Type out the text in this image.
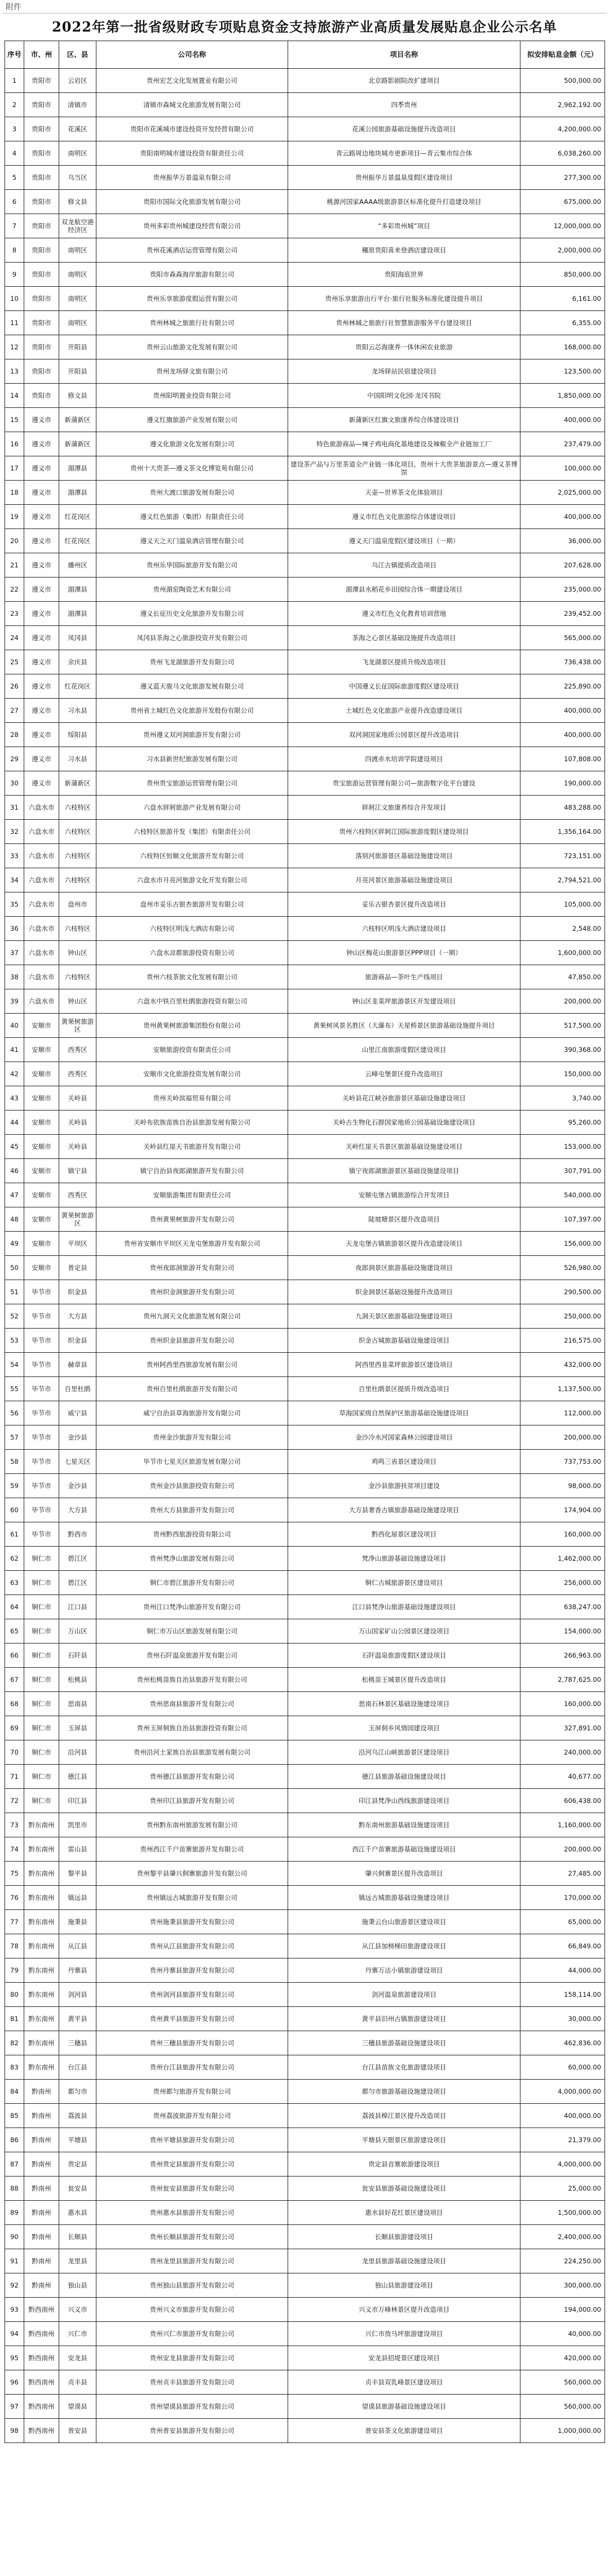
附件
2022年第一批省级财政专项贴息资金支持旅游产业高质量发展贴息企业公示名单
序号	市、州	区、县	公司名称	项目名称	拟安排贴息金额（元）
1	贵阳市	云岩区	贵州宏艺文化发展置业有限公司	北京路影剧院改扩建项目	500,000.00
2	贵阳市	清镇市	清镇市森城文化旅游发展有限公司	四季贵州	2,962,192.00
3	贵阳市	花溪区	贵阳市花溪城市建设投资开发经营有限公司	花溪公园旅游基础设施提升改造项目	4,200,000.00
4	贵阳市	南明区	贵阳南明城市建设投资有限责任公司	青云路周边地块城市更新项目—青云集市综合体	6,038,260.00
5	贵阳市	乌当区	贵州振华万景温泉有限公司	贵州振华万景温泉度假区建设项目	277,300.00
6	贵阳市	修文县	贵阳市国际文化旅游发展有限公司	桃源河国家AAAA级旅游景区标准化提升打造建设项目	675,000.00
7	贵阳市	双龙航空港经济区	贵州多彩贵州城建设经营有限公司	“多彩贵州城”项目	12,000,000.00
8	贵阳市	南明区	贵州花溪酒店运营管理有限公司	穰原贵阳喜来登酒店建设项目	2,000,000.00
9	贵阳市	南明区	贵阳市森森海岸旅游有限公司	贵阳海底世界	850,000.00
10	贵阳市	南明区	贵州乐享旅游度假运营有限公司	贵州乐享旅游出行平台·旅行社服务标准化建设提升项目	6,161.00
11	贵阳市	南明区	贵州林城之旅旅行社有限公司	贵州林城之旅旅行社智慧旅游服务平台建设项目	6,355.00
12	贵阳市	开阳县	贵州云山旅游文化发展有限公司	贵阳云芯海康养一体休闲农业旅游	168,000.00
13	贵阳市	开阳县	贵州龙场驿文旅有限公司	龙场驿站民宿建设项目	123,500.00
14	贵阳市	修文县	贵州阳明置业投资有限公司	中国阳明文化园·龙冈书院	1,850,000.00
15	遵义市	新蒲新区	遵义红旗旅游产业发展有限公司	新蒲新区红旗文旅康养综合体建设项目	400,000.00
16	遵义市	新蒲新区	遵义化旅游文化发展有限公司	特色旅游商品—辣子鸡电商化基地建设及辣椒全产业链加工厂	237,479.00
17	遵义市	湄潭县	贵州十大贵茶—遵义茶文化博览苑有限公司	建设茶产品与万里茶道全产业链一体化项目，贵州十大贵茶旅游景点—遵义茶博馆	100,000.00
18	遵义市	湄潭县	贵州大渡口旅游发展有限公司	天壶—世界茶文化体验项目	2,025,000.00
19	遵义市	红花岗区	遵义红色旅游（集团）有限责任公司	遵义市红色文化旅游综合体建设项目	400,000.00
20	遵义市	红花岗区	遵义天之天门温泉酒店管理有限公司	遵义天门温泉度假区建设项目（一期）	36,000.00
21	遵义市	播州区	贵州乐华国际旅游开发有限公司	乌江古镇提质改造项目	207,628.00
22	遵义市	湄潭县	贵州湄窑陶瓷艺术有限公司	湄潭县水稻花乡田园综合体一期建设项目	235,000.00
23	遵义市	湄潭县	遵义长征历史文化旅游开发有限公司	遵义市红色文化教育培训营地	239,452.00
24	遵义市	凤冈县	凤冈县茶海之心旅游投资开发有限公司	茶海之心景区基础设施提升改造项目	565,000.00
25	遵义市	余庆县	贵州飞龙湖旅游开发有限公司	飞龙湖景区提质升级改造项目	736,438.00
26	遵义市	红花岗区	遵义蓝天骏马文化旅游发展有限公司	中国遵义长征国际旅游度假区建设项目	225,890.00
27	遵义市	习水县	贵州省土城红色文化旅游开发股份有限公司	土城红色文化旅游产业提升改造建设项目	400,000.00
28	遵义市	绥阳县	贵州遵义双河洞旅游开发有限公司	双河洞国家地质公园景区提升改造项目	400,000.00
29	遵义市	习水县	习水县新世纪旅游发展有限公司	四渡赤水培训学院建设项目	107,808.00
30	遵义市	新蒲新区	贵州贵宝旅游运营管理有限公司	贵宝旅游运营管理有限公司—旅游数字化平台建设	190,000.00
31	六盘水市	六枝特区	六盘水牂牁旅游产业发展有限公司	牂牁江文旅康养综合开发项目	483,288.00
32	六盘水市	六枝特区	六枝特区旅游开发（集团）有限责任公司	贵州六枝特区牂牁江国际旅游度假区建设项目	1,356,164.00
33	六盘水市	六枝特区	六枝特区恒顺文化旅游开发有限公司	落别河旅游景区基础设施建设项目	723,151.00
34	六盘水市	六枝特区	六盘水市月亮河旅游文化开发有限公司	月亮河景区旅游基础设施建设项目	2,794,521.00
35	六盘水市	盘州市	盘州市妥乐古银杏旅游开发有限公司	妥乐古银杏景区提升改造项目	105,000.00
36	六盘水市	六枝特区	六枝特区明浅大酒店有限公司	六枝特区明浅大酒店建设项目	2,548.00
37	六盘水市	钟山区	六盘水凉都旅游投资有限公司	钟山区梅花山旅游景区PPP项目（一期）	1,600,000.00
38	六盘水市	六枝特区	贵州六枝茶旅文化发展有限公司	旅游商品—茶叶生产线项目	47,850.00
39	六盘水市	钟山区	六盘水中铁百里杜鹃旅游投资有限公司	钟山区韭菜坪旅游景区开发建设项目	200,000.00
40	安顺市	黄果树旅游区	贵州黄果树旅游集团股份有限公司	黄果树风景名胜区（大瀑布）天星桥景区旅游基础设施提升项目	517,500.00
41	安顺市	西秀区	安顺旅游投资有限责任公司	山里江南旅游度假区建设项目	390,368.00
42	安顺市	西秀区	安顺市文化旅游投资发展有限公司	云峰屯堡景区提升改造项目	150,000.00
43	安顺市	关岭县	贵州关岭滨福贸易有限公司	关岭县花江峡谷旅游景区基础设施建设项目	3,740.00
44	安顺市	关岭县	关岭布依族苗族自治县旅游发展有限公司	关岭古生物化石群国家地质公园基础设施建设项目	95,260.00
45	安顺市	关岭县	关岭县红崖天书旅游开发有限公司	关岭红崖天书景区旅游基础设施建设项目	153,000.00
46	安顺市	镇宁县	镇宁自治县夜郎湖旅游开发有限公司	镇宁夜郎湖旅游景区基础设施建设项目	307,791.00
47	安顺市	西秀区	安顺旅游集团有限责任公司	安顺屯堡古镇旅游综合开发项目	540,000.00
48	安顺市	黄果树旅游区	贵州黄果树旅游开发有限公司	陡坡塘景区提升改造项目	107,397.00
49	安顺市	平坝区	贵州省安顺市平坝区天龙屯堡旅游开发有限公司	天龙屯堡古镇旅游景区提升改造建设项目	156,000.00
50	安顺市	普定县	贵州夜郎洞旅游开发有限公司	夜郎洞景区旅游基础设施建设项目	526,980.00
51	毕节市	织金县	贵州织金洞旅游开发有限公司	织金洞景区基础设施提升改造项目	290,500.00
52	毕节市	大方县	贵州九洞天文化旅游发展有限公司	九洞天景区旅游基础设施建设项目	250,000.00
53	毕节市	织金县	贵州织金县旅游开发有限公司	织金古城旅游基础设施建设项目	216,575.00
54	毕节市	赫章县	贵州阿西里西旅游发展有限公司	阿西里西韭菜坪旅游景区建设项目	432,000.00
55	毕节市	百里杜鹃	贵州百里杜鹃旅游开发有限公司	百里杜鹃景区提质升级改造项目	1,137,500.00
56	毕节市	威宁县	威宁自治县草海旅游开发有限公司	草海国家级自然保护区旅游基础设施建设项目	112,000.00
57	毕节市	金沙县	贵州金沙旅游开发有限公司	金沙冷水河国家森林公园建设项目	200,000.00
58	毕节市	七星关区	毕节市七星关区旅游发展有限公司	鸡鸣三省景区建设项目	737,753.00
59	毕节市	金沙县	贵州金沙县旅游投资有限公司	金沙县旅游扶贫项目建设	98,000.00
60	毕节市	大方县	贵州大方县旅游开发有限公司	大方县奢香古镇旅游基础设施建设项目	174,904.00
61	毕节市	黔西市	贵州黔西旅游投资有限公司	黔西化屋景区建设项目	160,000.00
62	铜仁市	碧江区	贵州梵净山旅游发展有限公司	梵净山旅游基础设施建设项目	1,462,000.00
63	铜仁市	碧江区	铜仁市碧江旅游开发有限公司	铜仁古城旅游景区建设项目	256,000.00
64	铜仁市	江口县	贵州江口梵净山旅游开发有限公司	江口县梵净山旅游基础设施建设项目	638,247.00
65	铜仁市	万山区	铜仁市万山区旅游发展有限公司	万山国家矿山公园景区建设项目	154,000.00
66	铜仁市	石阡县	贵州石阡温泉旅游开发有限公司	石阡温泉旅游度假区建设项目	266,963.00
67	铜仁市	松桃县	贵州松桃苗族自治县旅游开发有限公司	松桃苗王城景区提升改造项目	2,787,625.00
68	铜仁市	思南县	贵州思南县旅游开发有限公司	思南石林景区基础设施建设项目	160,000.00
69	铜仁市	玉屏县	贵州玉屏侗族自治县旅游投资有限公司	玉屏侗乡风情园建设项目	327,891.00
70	铜仁市	沿河县	贵州沿河土家族自治县旅游发展有限公司	沿河乌江山峡旅游景区建设项目	240,000.00
71	铜仁市	德江县	贵州德江县旅游开发有限公司	德江县旅游基础设施建设项目	40,677.00
72	铜仁市	印江县	贵州印江县旅游开发有限公司	印江县梵净山西线旅游建设项目	606,438.00
73	黔东南州	凯里市	贵州黔东南州旅游发展有限公司	黔东南州旅游基础设施建设项目	1,160,000.00
74	黔东南州	雷山县	贵州西江千户苗寨旅游开发有限公司	西江千户苗寨旅游基础设施建设项目	200,000.00
75	黔东南州	黎平县	贵州黎平县肇兴侗寨旅游开发有限公司	肇兴侗寨景区提升改造项目	27,485.00
76	黔东南州	镇远县	贵州镇远古城旅游开发有限公司	镇远古城旅游基础设施建设项目	170,000.00
77	黔东南州	施秉县	贵州施秉县旅游开发有限公司	施秉云台山旅游景区建设项目	65,000.00
78	黔东南州	从江县	贵州从江县旅游开发有限公司	从江县加榜梯田旅游建设项目	66,849.00
79	黔东南州	丹寨县	贵州丹寨县旅游开发有限公司	丹寨万达小镇旅游建设项目	44,000.00
80	黔东南州	剑河县	贵州剑河县旅游开发有限公司	剑河温泉旅游建设项目	158,114.00
81	黔东南州	黄平县	贵州黄平县旅游开发有限公司	黄平县旧州古镇旅游建设项目	30,000.00
82	黔东南州	三穗县	贵州三穗县旅游开发有限公司	三穗县旅游基础设施建设项目	462,836.00
83	黔东南州	台江县	贵州台江县旅游开发有限公司	台江县苗族文化旅游建设项目	60,000.00
84	黔南州	都匀市	贵州都匀旅游开发有限公司	都匀市旅游基础设施建设项目	4,000,000.00
85	黔南州	荔波县	贵州荔波旅游开发有限公司	荔波县樟江景区提升改造项目	400,000.00
86	黔南州	平塘县	贵州平塘县旅游开发有限公司	平塘县天眼景区旅游建设项目	21,379.00
87	黔南州	贵定县	贵州贵定县旅游开发有限公司	贵定县音寨旅游建设项目	4,000,000.00
88	黔南州	瓮安县	贵州瓮安县旅游开发有限公司	瓮安县旅游基础设施建设项目	25,000.00
89	黔南州	惠水县	贵州惠水县旅游开发有限公司	惠水县好花红景区建设项目	1,500,000.00
90	黔南州	长顺县	贵州长顺县旅游开发有限公司	长顺县旅游建设项目	2,400,000.00
91	黔南州	龙里县	贵州龙里县旅游开发有限公司	龙里县旅游基础设施建设项目	224,250.00
92	黔南州	独山县	贵州独山县旅游开发有限公司	独山县旅游建设项目	300,000.00
93	黔西南州	兴义市	贵州兴义市旅游开发有限公司	兴义市万峰林景区提升改造项目	194,000.00
94	黔西南州	兴仁市	贵州兴仁市旅游开发有限公司	兴仁市放马坪旅游建设项目	40,000.00
95	黔西南州	安龙县	贵州安龙县旅游开发有限公司	安龙县招堤景区建设项目	420,000.00
96	黔西南州	贞丰县	贵州贞丰县旅游开发有限公司	贞丰县双乳峰景区建设项目	560,000.00
97	黔西南州	望谟县	贵州望谟县旅游开发有限公司	望谟县旅游基础设施建设项目	560,000.00
98	黔西南州	普安县	贵州普安县旅游开发有限公司	普安县茶文化旅游建设项目	1,000,000.00
